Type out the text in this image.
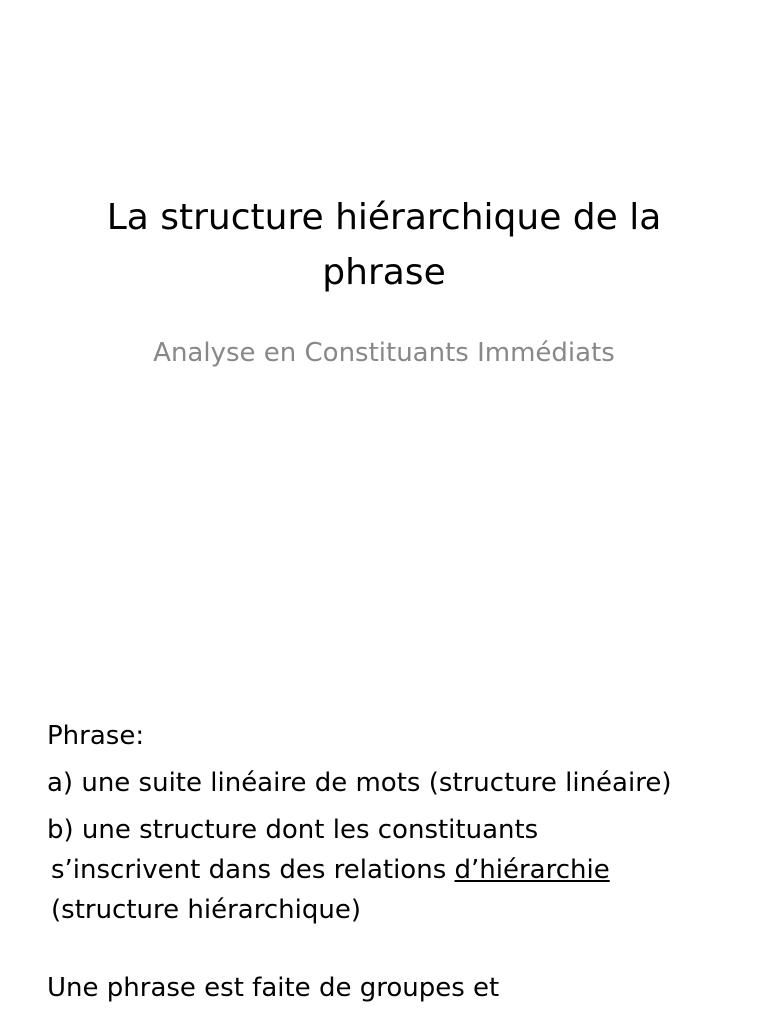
La structure hiérarchique de la
phrase

Analyse en Constituants Immédiats

Phrase:
a) une suite linéaire de mots (structure linéaire)
b) une structure dont les constituants
s’inscrivent dans des relations d’hiérarchie
(structure hiérarchique)
Une phrase est faite de groupes et
